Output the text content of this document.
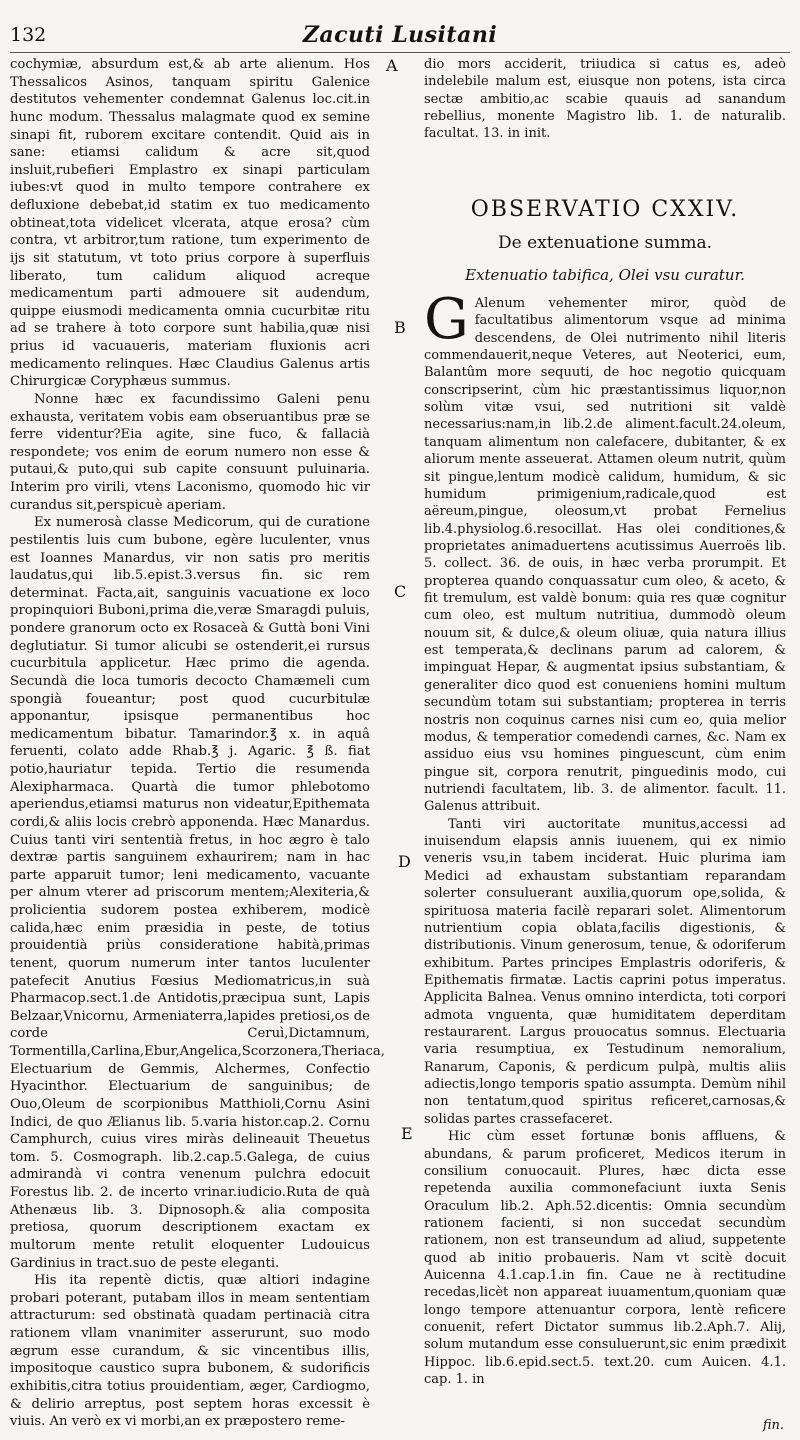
132	Zacuti Lusitani
A
B
C
D
E

cochymiæ, absurdum est,& ab arte alienum. Hos Thessalicos Asinos, tanquam spiritu Galenice destitutos vehementer condemnat Galenus loc.cit.in hunc modum. Thessalus malagmate quod ex semine sinapi fit, ruborem excitare contendit. Quid ais in sane: etiamsi calidum & acre sit,quod insluit,rubefieri Emplastro ex sinapi particulam iubes:vt quod in multo tempore contrahere ex defluxione debebat,id statim ex tuo medicamento obtineat,tota videlicet vlcerata, atque erosa? cùm contra, vt arbitror,tum ratione, tum experimento de ijs sit statutum, vt toto prius corpore à superfluis liberato, tum calidum aliquod acreque medicamentum parti admouere sit audendum, quippe eiusmodi medicamenta omnia cucurbitæ ritu ad se trahere à toto corpore sunt habilia,quæ nisi prius id vacuaueris, materiam fluxionis acri medicamento relinques. Hæc Claudius Galenus artis Chirurgicæ Coryphæus summus.

Nonne hæc ex facundissimo Galeni penu exhausta, veritatem vobis eam obseruantibus præ se ferre videntur?Eia agite, sine fuco, & fallacià respondete; vos enim de eorum numero non esse & putaui,& puto,qui sub capite consuunt puluinaria. Interim pro virili, vtens Laconismo, quomodo hic vir curandus sit,perspicuè aperiam.

Ex numerosà classe Medicorum, qui de curatione pestilentis luis cum bubone, egère luculenter, vnus est Ioannes Manardus, vir non satis pro meritis laudatus,qui lib.5.epist.3.versus fin. sic rem determinat. Facta,ait, sanguinis vacuatione ex loco propinquiori Buboni,prima die,veræ Smaragdi puluis, pondere granorum octo ex Rosaceà & Guttà boni Vini deglutiatur. Si tumor alicubi se ostenderit,ei rursus cucurbitula applicetur. Hæc primo die agenda. Secundà die loca tumoris decocto Chamæmeli cum spongià foueantur; post quod cucurbitulæ apponantur, ipsisque permanentibus hoc medicamentum bibatur. Tamarindor.℥ x. in aquâ feruenti, colato adde Rhab.℥ j. Agaric. ℥ ß. fiat potio,hauriatur tepida. Tertio die resumenda Alexipharmaca. Quartà die tumor phlebotomo aperiendus,etiamsi maturus non videatur,Epithemata cordi,& aliis locis crebrò apponenda. Hæc Manardus. Cuius tanti viri sententià fretus, in hoc ægro è talo dextræ partis sanguinem exhaurirem; nam in hac parte apparuit tumor; leni medicamento, vacuante per alnum vterer ad priscorum mentem;Alexiteria,& prolicientia sudorem postea exhiberem, modicè calida,hæc enim præsidia in peste, de totius prouidentià priùs consideratione habità,primas tenent, quorum numerum inter tantos luculenter patefecit Anutius Fœsius Mediomatricus,in suà Pharmacop.sect.1.de Antidotis,præcipua sunt, Lapis Belzaar,Vnicornu, Armeniaterra,lapides pretiosi,os de corde Ceruì,Dictamnum, Tormentilla,Carlina,Ebur,Angelica,Scorzonera,Theriaca, Electuarium de Gemmis, Alchermes, Confectio Hyacinthor. Electuarium de sanguinibus; de Ouo,Oleum de scorpionibus Matthioli,Cornu Asini Indici, de quo Ælianus lib. 5.varia histor.cap.2. Cornu Camphurch, cuius vires miràs delineauit Theuetus tom. 5. Cosmograph. lib.2.cap.5.Galega, de cuius admirandà vi contra venenum pulchra edocuit Forestus lib. 2. de incerto vrinar.iudicio.Ruta de quà Athenæus lib. 3. Dipnosoph.& alia composita pretiosa, quorum descriptionem exactam ex multorum mente retulit eloquenter Ludouicus Gardinius in tract.suo de peste eleganti.

His ita repentè dictis, quæ altiori indagine probari poterant, putabam illos in meam sententiam attracturum: sed obstinatà quadam pertinacià citra rationem vllam vnanimiter asserurunt, suo modo ægrum esse curandum, & sic vincentibus illis, impositoque caustico supra bubonem, & sudorificis exhibitis,citra totius prouidentiam, æger, Cardiogmo, & delirio arreptus, post septem horas excessit è viuis. An verò ex vi morbi,an ex præpostero reme-

dio mors acciderit, triiudica si catus es, adeò indelebile malum est, eiusque non potens, ista circa sectæ ambitio,ac scabie quauis ad sanandum rebellius, monente Magistro lib. 1. de naturalib. facultat. 13. in init.

OBSERVATIO CXXIV.
De extenuatione summa.
Extenuatio tabifica, Olei vsu curatur.

G Alenum vehementer miror, quòd de facultatibus alimentorum vsque ad minima descendens, de Olei nutrimento nihil literis commendauerit,neque Veteres, aut Neoterici, eum, Balantûm more sequuti, de hoc negotio quicquam conscripserint, cùm hic præstantissimus liquor,non solùm vitæ vsui, sed nutritioni sit valdè necessarius:nam,in lib.2.de aliment.facult.24.oleum, tanquam alimentum non calefacere, dubitanter, & ex aliorum mente asseuerat. Attamen oleum nutrit, quùm sit pingue,lentum modicè calidum, humidum, & sic humidum primigenium,radicale,quod est aëreum,pingue, oleosum,vt probat Fernelius lib.4.physiolog.6.resocillat. Has olei conditiones,& proprietates animaduertens acutissimus Auerroës lib. 5. collect. 36. de ouis, in hæc verba prorumpit. Et propterea quando conquassatur cum oleo, & aceto, & fit tremulum, est valdè bonum: quia res quæ cognitur cum oleo, est multum nutritiua, dummodò oleum nouum sit, & dulce,& oleum oliuæ, quia natura illius est temperata,& declinans parum ad calorem, & impinguat Hepar, & augmentat ipsius substantiam, & generaliter dico quod est conueniens homini multum secundùm totam sui substantiam; propterea in terris nostris non coquinus carnes nisi cum eo, quia melior modus, & temperatior comedendi carnes, &c. Nam ex assiduo eius vsu homines pinguescunt, cùm enim pingue sit, corpora renutrit, pinguedinis modo, cui nutriendi facultatem, lib. 3. de alimentor. facult. 11. Galenus attribuit.

Tanti viri auctoritate munitus,accessi ad inuisendum elapsis annis iuuenem, qui ex nimio veneris vsu,in tabem inciderat. Huic plurima iam Medici ad exhaustam substantiam reparandam solerter consuluerant auxilia,quorum ope,solida, & spirituosa materia facilè reparari solet. Alimentorum nutrientium copia oblata,facilis digestionis, & distributionis. Vinum generosum, tenue, & odoriferum exhibitum. Partes principes Emplastris odoriferis, & Epithematis firmatæ. Lactis caprini potus imperatus. Applicita Balnea. Venus omnino interdicta, toti corpori admota vnguenta, quæ humiditatem deperditam restaurarent. Largus prouocatus somnus. Electuaria varia resumptiua, ex Testudinum nemoralium, Ranarum, Caponis, & perdicum pulpà, multis aliis adiectis,longo temporis spatio assumpta. Demùm nihil non tentatum,quod spiritus reficeret,carnosas,& solidas partes crassefaceret.

Hic cùm esset fortunæ bonis affluens, & abundans, & parum proficeret, Medicos iterum in consilium conuocauit. Plures, hæc dicta esse repetenda auxilia commonefaciunt iuxta Senis Oraculum lib.2. Aph.52.dicentis: Omnia secundùm rationem facienti, si non succedat secundùm rationem, non est transeundum ad aliud, suppetente quod ab initio probaueris. Nam vt scitè docuit Auicenna 4.1.cap.1.in fin. Caue ne à rectitudine recedas,licèt non appareat iuuamentum,quoniam quæ longo tempore attenuantur corpora, lentè reficere conuenit, refert Dictator summus lib.2.Aph.7. Alij, solum mutandum esse consuluerunt,sic enim prædixit Hippoc. lib.6.epid.sect.5. text.20. cum Auicen. 4.1. cap. 1. in

fin.
